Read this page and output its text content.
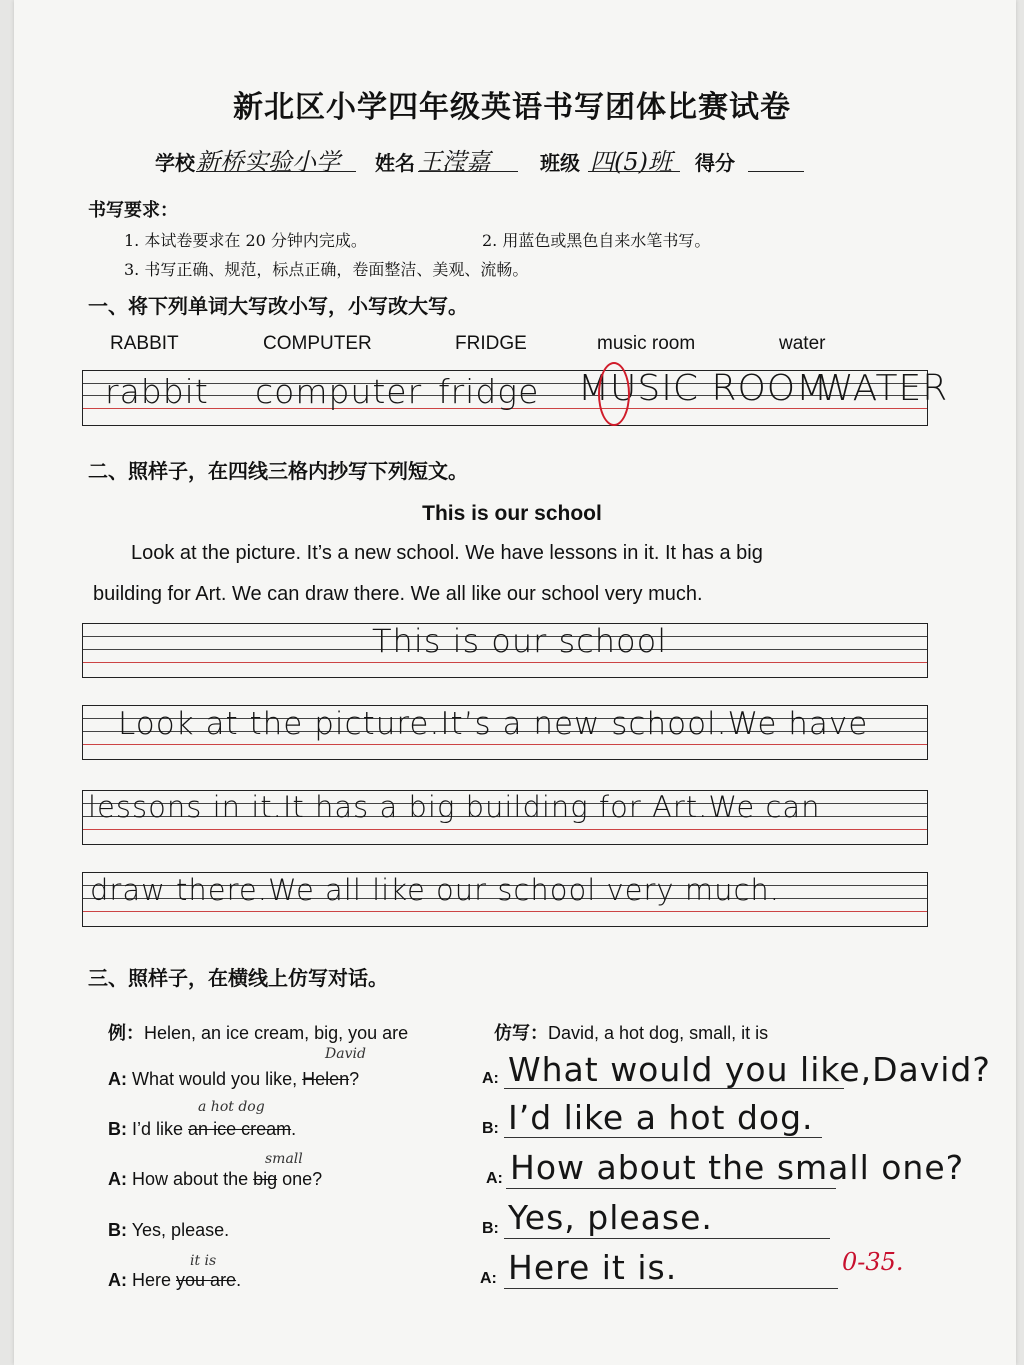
新北区小学四年级英语书写团体比赛试卷
学校 新桥实验小学 姓名 王滢嘉	班级 四(5)班 得分
书写要求：
1. 本试卷要求在 20 分钟内完成。	2. 用蓝色或黑色自来水笔书写。
3. 书写正确、规范，标点正确，卷面整洁、美观、流畅。
一、将下列单词大写改小写，小写改大写。
RABBIT	COMPUTER	FRIDGE	music room	water
rabbit computer fridge MUSIC ROOM
WATER
二、照样子，在四线三格内抄写下列短文。
This is our school
Look at the picture. It’s a new school. We have lessons in it. It has a big
building for Art. We can draw there. We all like our school very much.
This is our school
Look at the picture.It’s a new school.We have
lessons in it.It has a big building for Art.We can
draw there.We all like our school very much.
三、照样子，在横线上仿写对话。
例：Helen, an ice cream, big, you are	仿写：David, a hot dog, small, it is
A: What would you like, Helen?
David
B: I’d like an ice cream.
a hot dog
A: How about the big one?
small
B: Yes, please.
A: Here you are.
it is
A: What would you like,David?
B: I’d like a hot dog.
A: How about the small one?
B: Yes, please.
A: Here it is.	0-35.
